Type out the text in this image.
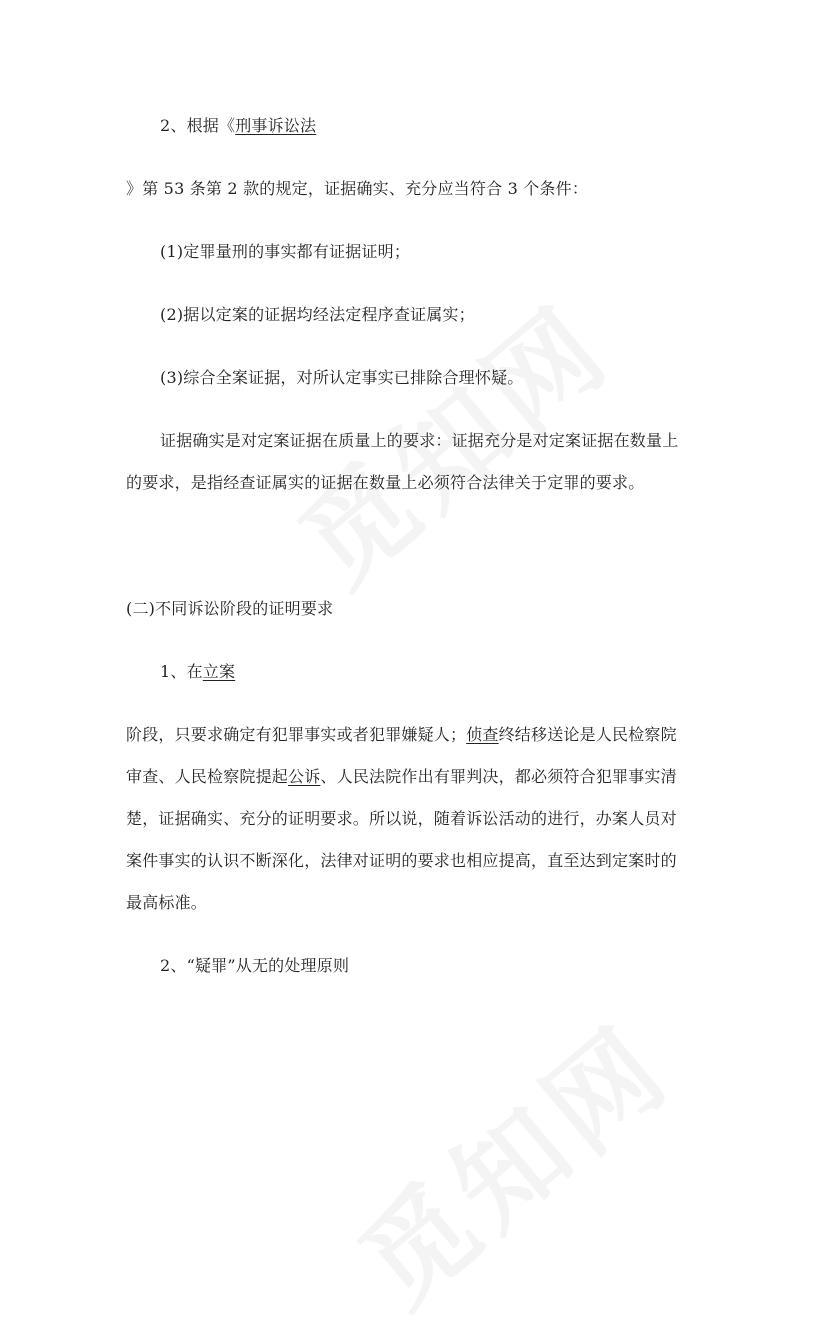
2、根据《刑事诉讼法
》第 53 条第 2 款的规定，证据确实、充分应当符合 3 个条件：
(1)定罪量刑的事实都有证据证明；
(2)据以定案的证据均经法定程序查证属实；
(3)综合全案证据，对所认定事实已排除合理怀疑。
证据确实是对定案证据在质量上的要求：证据充分是对定案证据在数量上
的要求，是指经查证属实的证据在数量上必须符合法律关于定罪的要求。
(二)不同诉讼阶段的证明要求
1、在立案
阶段，只要求确定有犯罪事实或者犯罪嫌疑人；侦查终结移送论是人民检察院
审查、人民检察院提起公诉、人民法院作出有罪判决，都必须符合犯罪事实清
楚，证据确实、充分的证明要求。所以说，随着诉讼活动的进行，办案人员对
案件事实的认识不断深化，法律对证明的要求也相应提高，直至达到定案时的
最高标准。
2、“疑罪”从无的处理原则
